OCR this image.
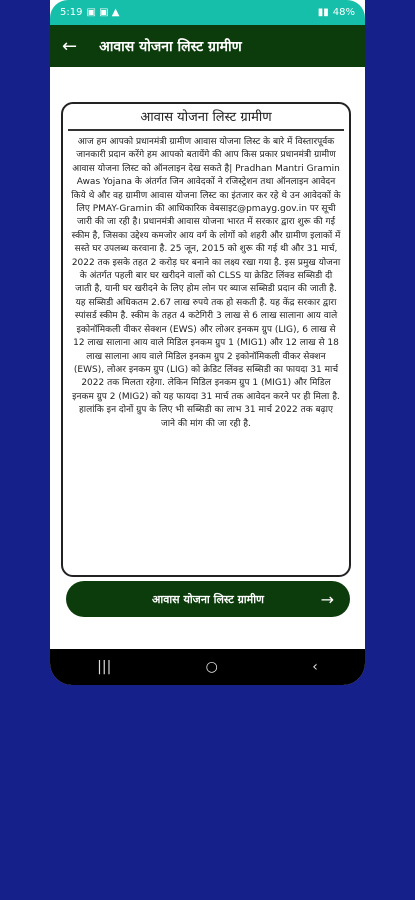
5:19 ▣ ▣ ▲	▮▮ 48%
← आवास योजना लिस्ट ग्रामीण
आवास योजना लिस्ट ग्रामीण
आज हम आपको प्रधानमंत्री ग्रामीण आवास योजना लिस्ट के बारे में विस्तारपूर्वक जानकारी प्रदान करेंगे हम आपको बतायेंगे की आप किस प्रकार प्रधानमंत्री ग्रामीण आवास योजना लिस्ट को ऑनलाइन देख सकते है| Pradhan Mantri Gramin Awas Yojana के अंतर्गत जिन आवेदकों ने रजिस्ट्रेशन तथा ऑनलाइन आवेदन किये थे और वह ग्रामीण आवास योजना लिस्ट का इंतजार कर रहे थे उन आवेदकों के लिए PMAY-Gramin की आधिकारिक वेबसाइट@pmayg.gov.in पर सूची जारी की जा रही है। प्रधानमंत्री आवास योजना भारत में सरकार द्वारा शुरू की गई स्कीम है, जिसका उद्देश्य कमजोर आय वर्ग के लोगों को शहरी और ग्रामीण इलाकों में सस्ते घर उपलब्ध करवाना है. 25 जून, 2015 को शुरू की गई थी और 31 मार्च, 2022 तक इसके तहत 2 करोड़ घर बनाने का लक्ष्य रखा गया है. इस प्रमुख योजना के अंतर्गत पहली बार घर खरीदने वालों को CLSS या क्रेडिट लिंक्ड सब्सिडी दी जाती है, यानी घर खरीदने के लिए होम लोन पर ब्याज सब्सिडी प्रदान की जाती है. यह सब्सिडी अधिकतम 2.67 लाख रुपये तक हो सकती है. यह केंद्र सरकार द्वारा स्पांसर्ड स्कीम है. स्कीम के तहत 4 कटेगिरी 3 लाख से 6 लाख सालाना आय वाले इकोनॉमिकली वीकर सेक्शन (EWS) और लोअर इनकम ग्रुप (LIG), 6 लाख से 12 लाख सालाना आय वाले मिडिल इनकम ग्रुप 1 (MIG1) और 12 लाख से 18 लाख सालाना आय वाले मिडिल इनकम ग्रुप 2 इकोनॉमिकली वीकर सेक्शन (EWS), लोअर इनकम ग्रुप (LIG) को क्रेडिट लिंक्ड सब्सिडी का फायदा 31 मार्च 2022 तक मिलता रहेगा. लेकिन मिडिल इनकम ग्रुप 1 (MIG1) और मिडिल इनकम ग्रुप 2 (MIG2) को यह फायदा 31 मार्च तक आवेदन करने पर ही मिला है. हालांकि इन दोनों ग्रुप के लिए भी सब्सिडी का लाभ 31 मार्च 2022 तक बढ़ाए जाने की मांग की जा रही है.
आवास योजना लिस्ट ग्रामीण	→
|||	○	‹
